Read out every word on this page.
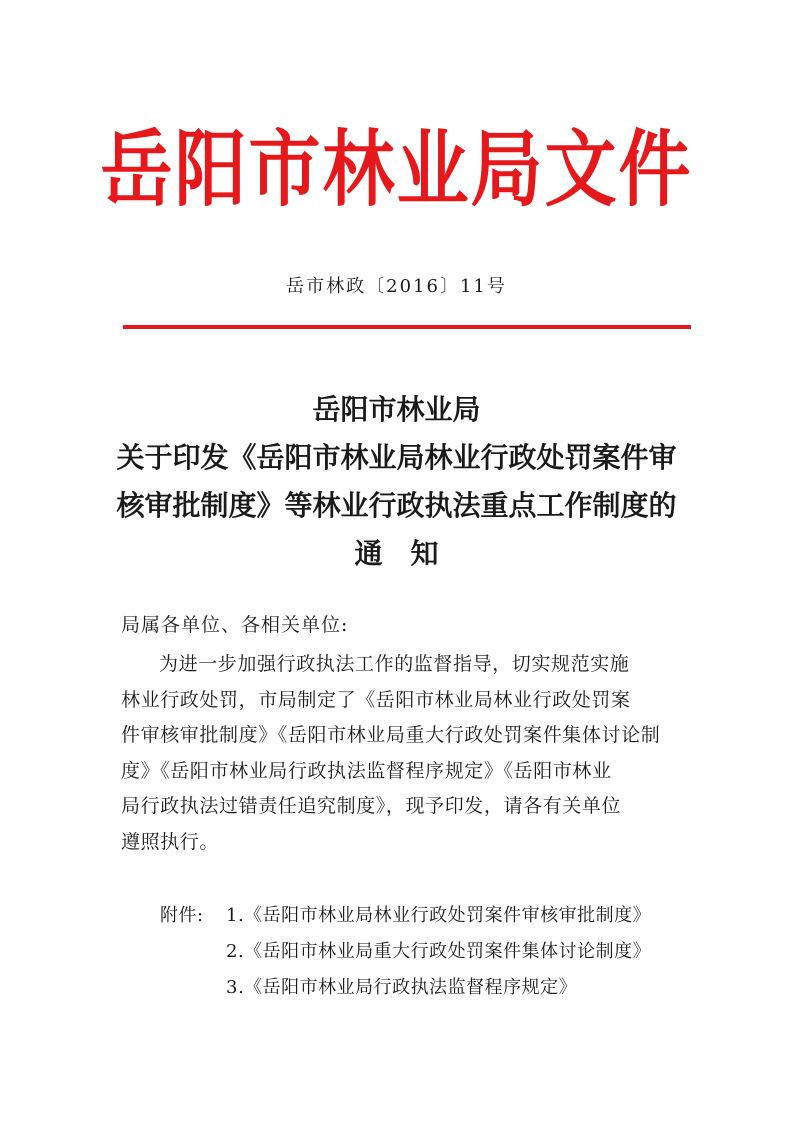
岳阳市林业局文件
岳市林政〔2016〕11号
岳阳市林业局
关于印发《岳阳市林业局林业行政处罚案件审
核审批制度》等林业行政执法重点工作制度的
通　知
局属各单位、各相关单位:
为进一步加强行政执法工作的监督指导，切实规范实施
林业行政处罚，市局制定了《岳阳市林业局林业行政处罚案
件审核审批制度》《岳阳市林业局重大行政处罚案件集体讨论制
度》《岳阳市林业局行政执法监督程序规定》《岳阳市林业
局行政执法过错责任追究制度》，现予印发，请各有关单位
遵照执行。
附件: 1.《岳阳市林业局林业行政处罚案件审核审批制度》
2.《岳阳市林业局重大行政处罚案件集体讨论制度》
3.《岳阳市林业局行政执法监督程序规定》
